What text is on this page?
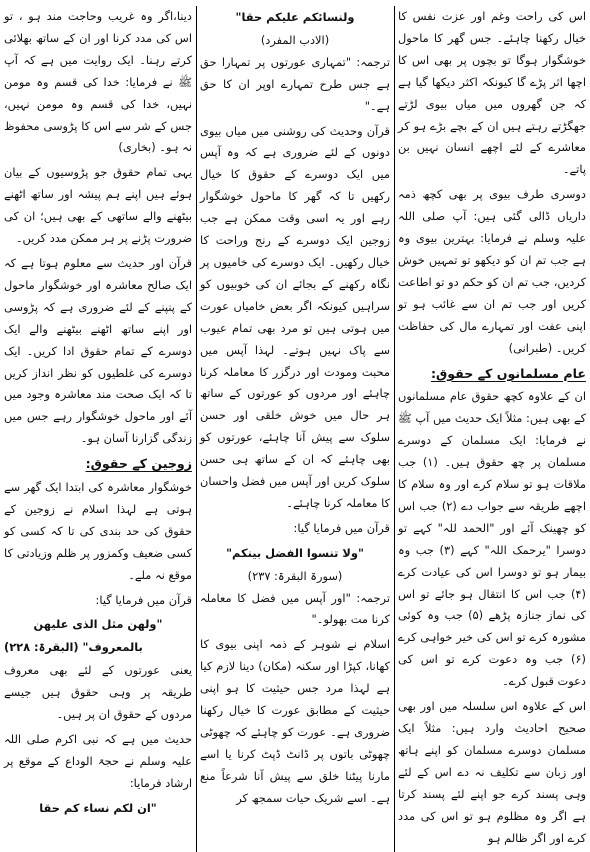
دینا،اگر وہ غریب وحاجت مند ہو ، تو اس کی مدد کرنا اور ان کے ساتھ بھلائی کرتے رہنا۔ ایک روایت میں ہے کہ آپ ﷺ نے فرمایا: خدا کی قسم وہ مومن نہیں، خدا کی قسم وہ مومن نہیں، جس کے شر سے اس کا پڑوسی محفوظ نہ ہو۔ (بخاری)

یہی تمام حقوق جو پڑوسیوں کے بیان ہوئے ہیں اپنے ہم پیشہ اور ساتھ اٹھنے بیٹھنے والے ساتھی کے بھی ہیں؛ ان کی ضرورت پڑنے پر ہر ممکن مدد کریں۔

قرآن اور حدیث سے معلوم ہوتا ہے کہ ایک صالح معاشرہ اور خوشگوار ماحول کے پنپنے کے لئے ضروری ہے کہ پڑوسی اور اپنے ساتھ اٹھنے بیٹھنے والے ایک دوسرے کے تمام حقوق ادا کریں۔ ایک دوسرے کی غلطیوں کو نظر انداز کریں تا کہ ایک صحت مند معاشرہ وجود میں آئے اور ماحول خوشگوار رہے جس میں زندگی گزارنا آسان ہو۔

زوجین کے حقوق:

خوشگوار معاشرہ کی ابتدا ایک گھر سے ہوتی ہے لہذا اسلام نے زوجین کے حقوق کی حد بندی کی تا کہ کسی کو کسی ضعیف وکمزور پر ظلم وزیادتی کا موقع نہ ملے۔

قرآن میں فرمایا گیا:

"ولھن مثل الذی علیھن
بالمعروف" (البقرۃ: ۲۲۸)

یعنی عورتوں کے لئے بھی معروف طریقہ پر وہی حقوق ہیں جیسے مردوں کے حقوق ان پر ہیں۔

حدیث میں ہے کہ نبی اکرم صلی اللہ علیہ وسلم نے حجۃ الوداع کے موقع پر ارشاد فرمایا:

"ان لکم نساء کم حقا
ولنسائکم علیکم حقا"
(الادب المفرد)

ترجمہ: "تمہاری عورتوں پر تمہارا حق ہے جس طرح تمہارے اوپر ان کا حق ہے۔"

قرآن وحدیث کی روشنی میں میاں بیوی دونوں کے لئے ضروری ہے کہ وہ آپس میں ایک دوسرے کے حقوق کا خیال رکھیں تا کہ گھر کا ماحول خوشگوار رہے اور یہ اسی وقت ممکن ہے جب زوجین ایک دوسرے کے رنج وراحت کا خیال رکھیں۔ ایک دوسرے کی خامیوں پر نگاہ رکھنے کے بجائے ان کی خوبیوں کو سراہیں کیونکہ اگر بعض خامیاں عورت میں ہوتی ہیں تو مرد بھی تمام عیوب سے پاک نہیں ہوتے۔ لہذا آپس میں محبت ومودت اور درگزر کا معاملہ کرنا چاہئے اور مردوں کو عورتوں کے ساتھ ہر حال میں خوش خلقی اور حسن سلوک سے پیش آنا چاہئے، عورتوں کو بھی چاہئے کہ ان کے ساتھ ہی حسن سلوک کریں اور آپس میں فضل واحسان کا معاملہ کرنا چاہئے۔

قرآن میں فرمایا گیا:

"ولا تنسوا الفضل بینکم"
(سورۃ البقرۃ: ۲۳۷)

ترجمہ: "اور آپس میں فضل کا معاملہ کرنا مت بھولو۔"

اسلام نے شوہر کے ذمہ اپنی بیوی کا کھانا، کپڑا اور سکنہ (مکان) دینا لازم کیا ہے لہذا مرد جس حیثیت کا ہو اپنی حیثیت کے مطابق عورت کا خیال رکھنا ضروری ہے۔ عورت کو چاہئے کہ چھوٹی چھوٹی باتوں پر ڈانٹ ڈپٹ کرنا یا اسے مارنا پیٹنا خلق سے پیش آنا شرعاً منع ہے۔ اسے شریک حیات سمجھ کر

اس کی راحت وغم اور عزت نفس کا خیال رکھنا چاہئے۔ جس گھر کا ماحول خوشگوار ہوگا تو بچوں پر بھی اس کا اچھا اثر پڑے گا کیونکہ اکثر دیکھا گیا ہے کہ جن گھروں میں میاں بیوی لڑتے جھگڑتے رہتے ہیں ان کے بچے بڑے ہو کر معاشرے کے لئے اچھے انسان نہیں بن پاتے۔

دوسری طرف بیوی پر بھی کچھ ذمہ داریاں ڈالی گئی ہیں: آپ صلی اللہ علیہ وسلم نے فرمایا: بہترین بیوی وہ ہے جب تم ان کو دیکھو تو تمہیں خوش کردیں، جب تم ان کو حکم دو تو اطاعت کریں اور جب تم ان سے غائب ہو تو اپنی عفت اور تمہارے مال کی حفاظت کریں۔ (طبرانی)

عام مسلمانوں کے حقوق:

ان کے علاوہ کچھ حقوق عام مسلمانوں کے بھی ہیں: مثلاً ایک حدیث میں آپ ﷺ نے فرمایا: ایک مسلمان کے دوسرے مسلمان پر چھ حقوق ہیں۔ (۱) جب ملاقات ہو تو سلام کرے اور وہ سلام کا اچھے طریقہ سے جواب دے (۲) جب اس کو چھینک آئے اور "الحمد للہ" کہے تو دوسرا "یرحمک اللہ" کہے (۳) جب وہ بیمار ہو تو دوسرا اس کی عیادت کرے (۴) جب اس کا انتقال ہو جائے تو اس کی نماز جنازہ پڑھے (۵) جب وہ کوئی مشورہ کرے تو اس کی خیر خواہی کرے (۶) جب وہ دعوت کرے تو اس کی دعوت قبول کرے۔

اس کے علاوہ اس سلسلہ میں اور بھی صحیح احادیث وارد ہیں: مثلاً ایک مسلمان دوسرے مسلمان کو اپنے ہاتھ اور زبان سے تکلیف نہ دے اس کے لئے وہی پسند کرے جو اپنے لئے پسند کرتا ہے اگر وہ مظلوم ہو تو اس کی مدد کرے اور اگر ظالم ہو
